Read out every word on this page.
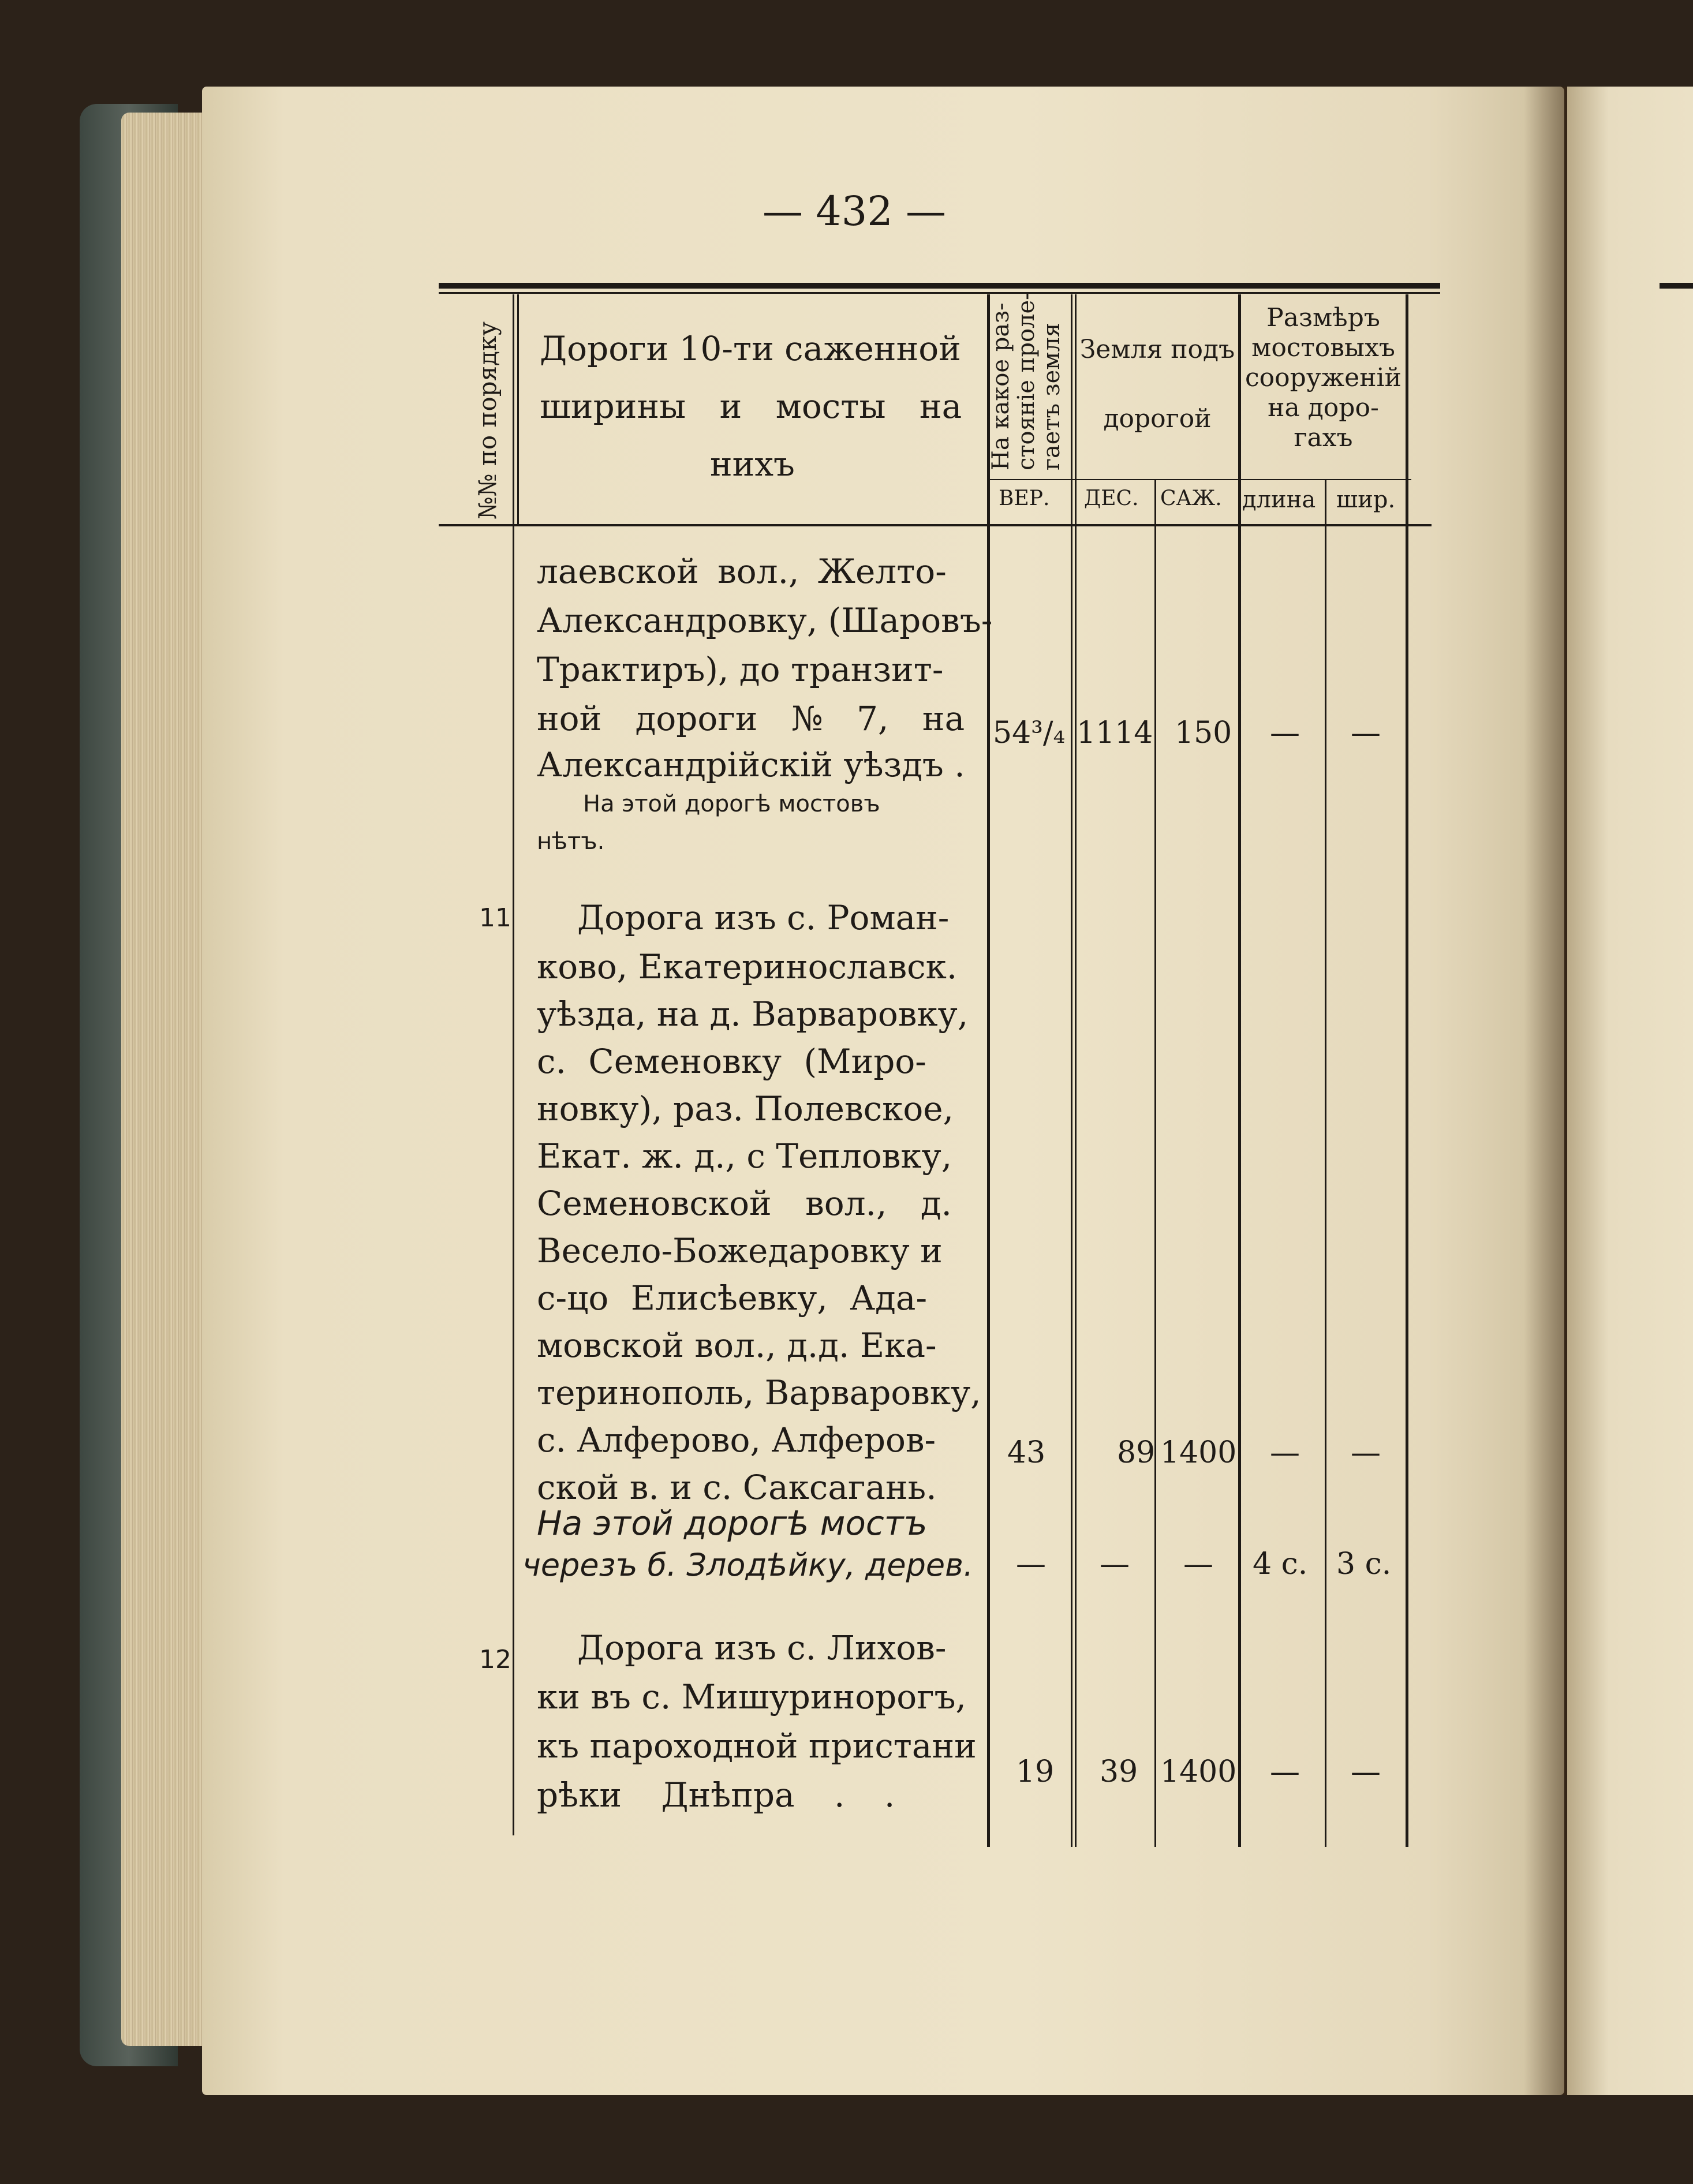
— 432 —
№№ по порядку Дороги 10-ти саженной
ширины и мосты на
нихъ	На какое раз-
стояніе проле-
гаетъ земля Земля подъ
дорогой
Размѣръ
мостовыхъ
сооруженій
на доро-
гахъ
ВЕР. ДЕС. САЖ. длина шир.
лаевской вол., Желто-
Александровку, (Шаровъ-
Трактиръ), до транзит-
ной дороги № 7, на
Александрійскій уѣздъ .
54³/₄ 1114 150 — —
На этой дорогѣ мостовъ
нѣтъ.
11 Дорога изъ с. Роман-
ково, Екатеринославск.
уѣзда, на д. Варваровку,
с. Семеновку (Миро-
новку), раз. Полевское,
Екат. ж. д., с Тепловку,
Семеновской вол., д.
Весело-Божедаровку и
с-цо Елисѣевку, Ада-
мовской вол., д.д. Ека-
теринополь, Варваровку,
с. Алферово, Алферов-
ской в. и с. Саксагань.
43 89 1400 — —
На этой дорогѣ мостъ
черезъ б. Злодѣйку, дерев. — — — 4 с. 3 с.
12 Дорога изъ с. Лихов-
ки въ с. Мишуринорогъ,
къ пароходной пристани
рѣки Днѣпра . .
19 39 1400 — —
